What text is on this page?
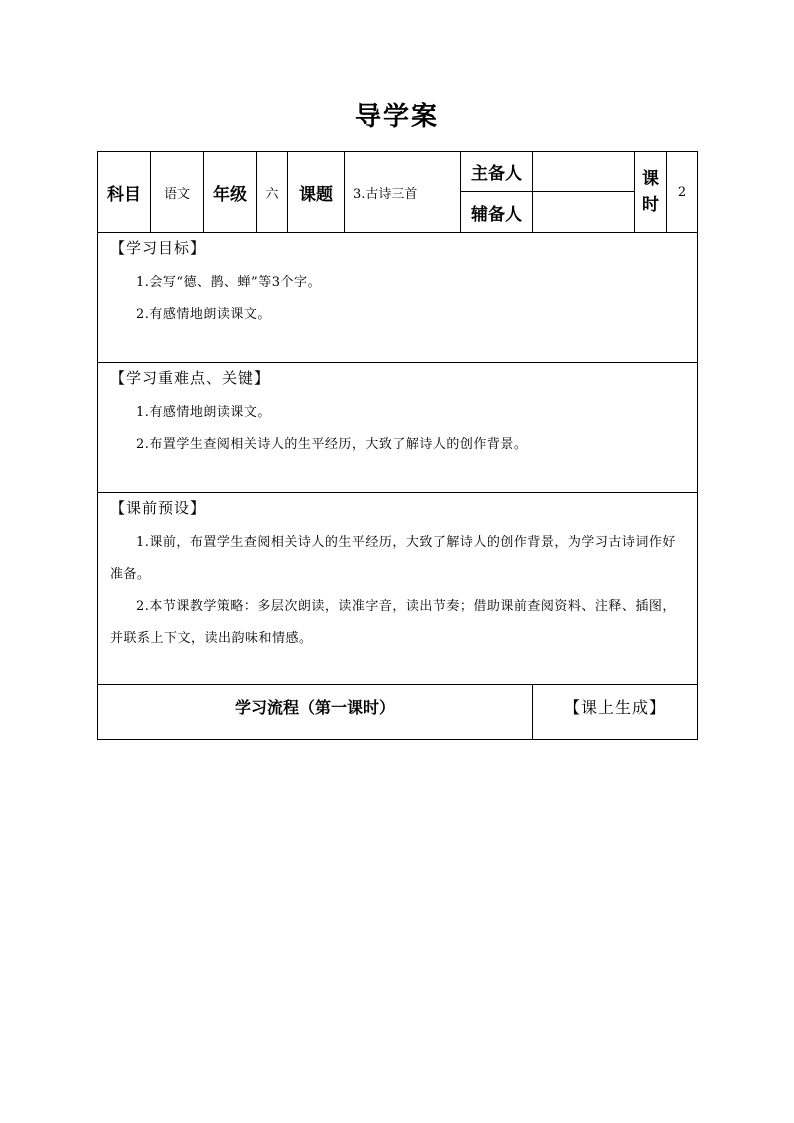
导学案
科目	语文	年级	六	课题	3.古诗三首	主备人		课时	2
						辅备人			

【学习目标】
1.会写“德、鹊、蝉”等3个字。
2.有感情地朗读课文。									

【学习重难点、关键】
1.有感情地朗读课文。
2.布置学生查阅相关诗人的生平经历，大致了解诗人的创作背景。									

【课前预设】
1.课前，布置学生查阅相关诗人的生平经历，大致了解诗人的创作背景，为学习古诗词作好准备。
2.本节课教学策略：多层次朗读，读准字音，读出节奏；借助课前查阅资料、注释、插图，并联系上下文，读出韵味和情感。									

学习流程（第一课时）							【课上生成】		
